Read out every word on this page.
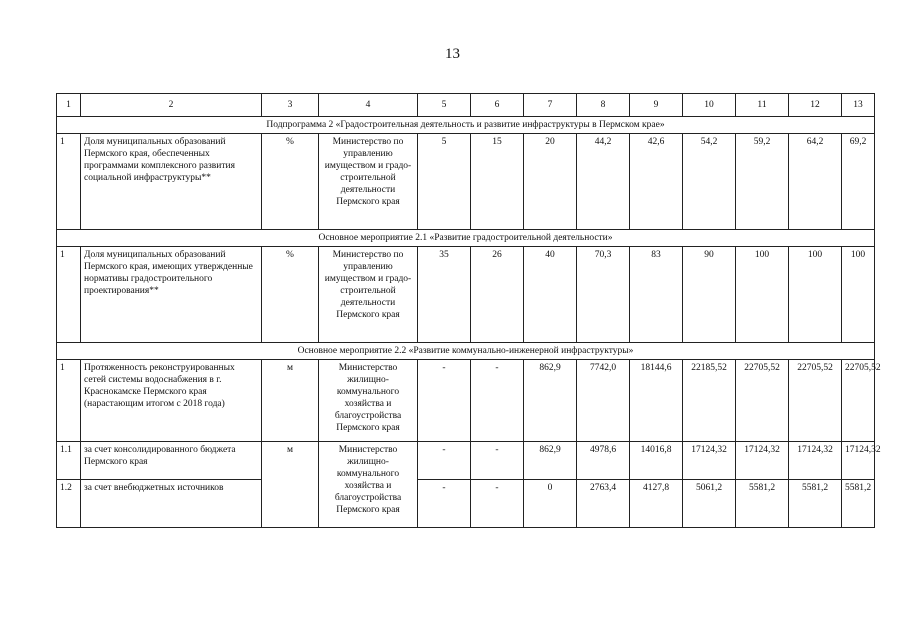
13
1	2	3	4	5	6	7	8	9	10	11	12	13
Подпрограмма 2 «Градостроительная деятельность и развитие инфраструктуры в Пермском крае»												
1	Доля муниципальных образований Пермского края, обеспеченных программами комплексного развития социальной инфраструктуры**	%	Министерство по управлению имуществом и градо- строительной деятельности Пермского края	5	15	20	44,2	42,6	54,2	59,2	64,2	69,2
Основное мероприятие 2.1 «Развитие градостроительной деятельности»												
1	Доля муниципальных образований Пермского края, имеющих утвержденные нормативы градостроительного проектирования**	%	Министерство по управлению имуществом и градо- строительной деятельности Пермского края	35	26	40	70,3	83	90	100	100	100
Основное мероприятие 2.2 «Развитие коммунально-инженерной инфраструктуры»												
1	Протяженность реконструированных сетей системы водоснабжения в г. Краснокамске Пермского края (нарастающим итогом с 2018 года)	м	Министерство жилищно- коммунального хозяйства и благоустройства Пермского края	-	-	862,9	7742,0	18144,6	22185,52	22705,52	22705,52	22705,52
1.1	за счет консолидированного бюджета Пермского края	м	Министерство жилищно- коммунального хозяйства и благоустройства Пермского края	-	-	862,9	4978,6	14016,8	17124,32	17124,32	17124,32	17124,32
1.2	за счет внебюджетных источников			-	-	0	2763,4	4127,8	5061,2	5581,2	5581,2	5581,2
